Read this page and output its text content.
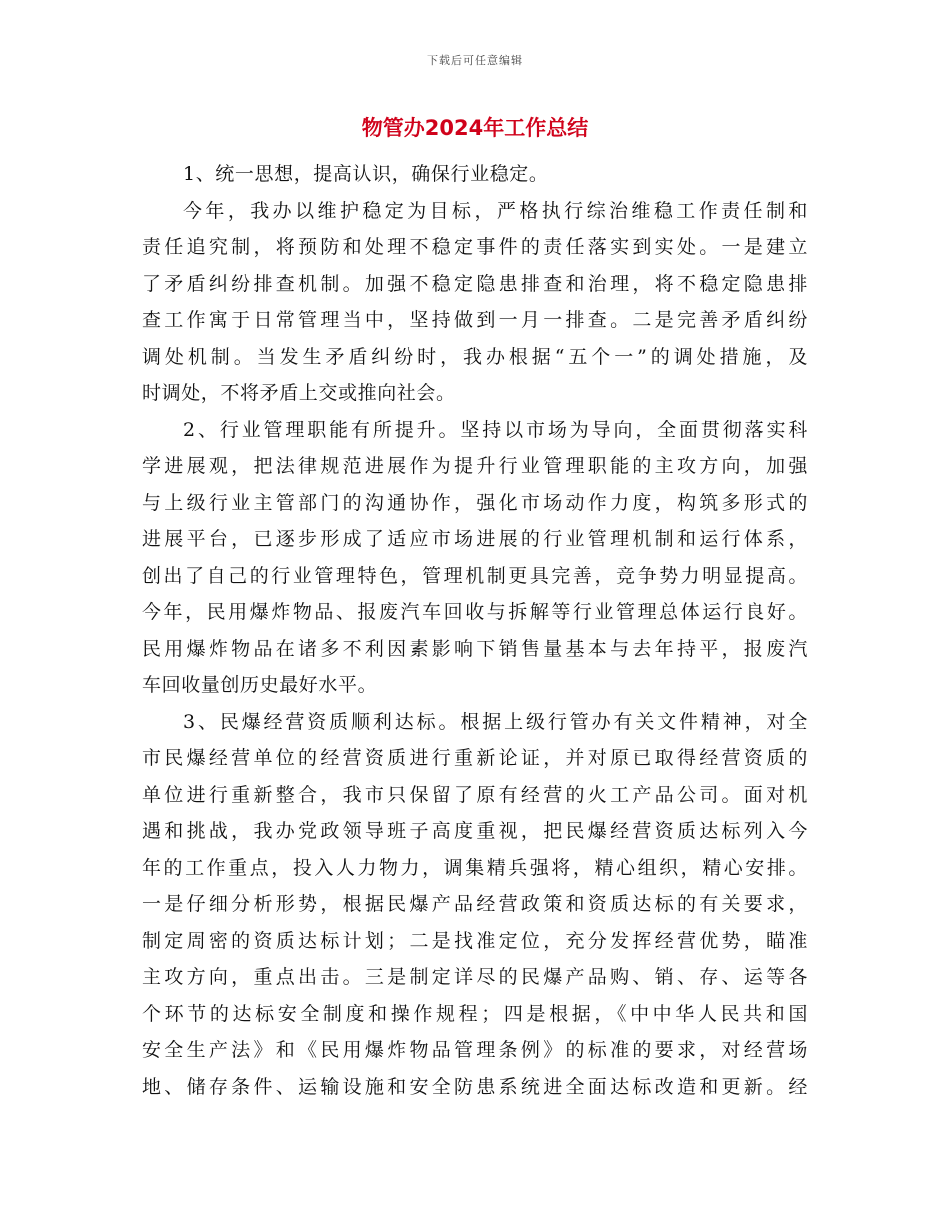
下载后可任意编辑
物管办2024年工作总结
1、统一思想，提高认识，确保行业稳定。
今年，我办以维护稳定为目标，严格执行综治维稳工作责任制和
责任追究制，将预防和处理不稳定事件的责任落实到实处。一是建立
了矛盾纠纷排查机制。加强不稳定隐患排查和治理，将不稳定隐患排
查工作寓于日常管理当中，坚持做到一月一排查。二是完善矛盾纠纷
调处机制。当发生矛盾纠纷时，我办根据“五个一”的调处措施，及
时调处，不将矛盾上交或推向社会。
2、行业管理职能有所提升。坚持以市场为导向，全面贯彻落实科
学进展观，把法律规范进展作为提升行业管理职能的主攻方向，加强
与上级行业主管部门的沟通协作，强化市场动作力度，构筑多形式的
进展平台，已逐步形成了适应市场进展的行业管理机制和运行体系，
创出了自己的行业管理特色，管理机制更具完善，竞争势力明显提高。
今年，民用爆炸物品、报废汽车回收与拆解等行业管理总体运行良好。
民用爆炸物品在诸多不利因素影响下销售量基本与去年持平，报废汽
车回收量创历史最好水平。
3、民爆经营资质顺利达标。根据上级行管办有关文件精神，对全
市民爆经营单位的经营资质进行重新论证，并对原已取得经营资质的
单位进行重新整合，我市只保留了原有经营的火工产品公司。面对机
遇和挑战，我办党政领导班子高度重视，把民爆经营资质达标列入今
年的工作重点，投入人力物力，调集精兵强将，精心组织，精心安排。
一是仔细分析形势，根据民爆产品经营政策和资质达标的有关要求，
制定周密的资质达标计划；二是找准定位，充分发挥经营优势，瞄准
主攻方向，重点出击。三是制定详尽的民爆产品购、销、存、运等各
个环节的达标安全制度和操作规程；四是根据，《中中华人民共和国
安全生产法》和《民用爆炸物品管理条例》的标准的要求，对经营场
地、储存条件、运输设施和安全防患系统进全面达标改造和更新。经
